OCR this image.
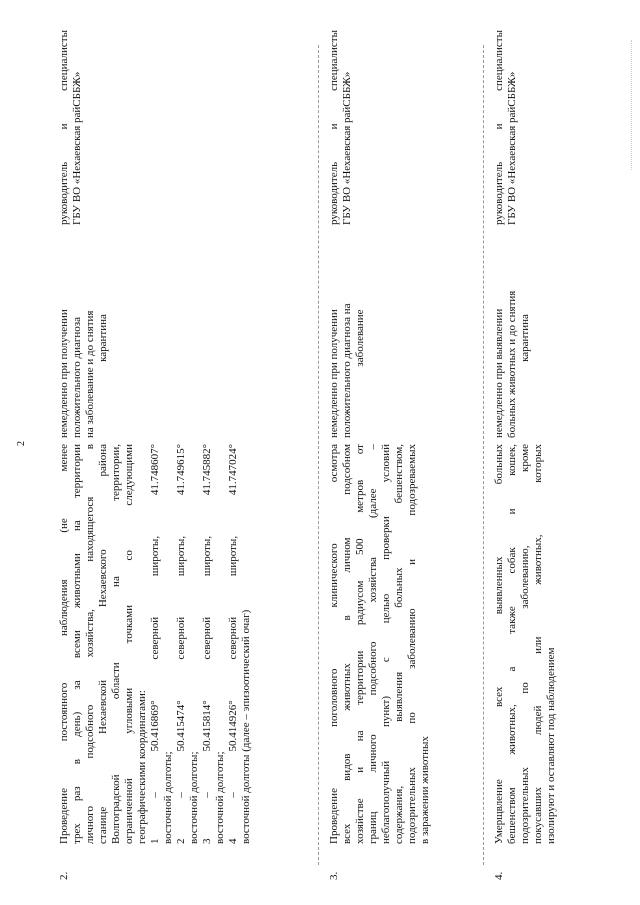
2
2.
Проведение постоянного наблюдения (не менее трех раз в день) за всеми животными на территории личного подсобного хозяйства, находящегося в станице Нехаевской Нехаевского района Волгоградской области на территории, ограниченной угловыми точками со следующими географическими координатами: 1 – 50.416869° северной широты, 41.748607° восточной долготы; 2 – 50.415474° северной широты, 41.749615° восточной долготы; 3 – 50.415814° северной широты, 41.745882° восточной долготы; 4 – 50.414926° северной широты, 41.747024° восточной долготы (далее – эпизоотический очаг)
немедленно при получении положительного диагноза на заболевание и до снятия карантина
руководитель и специалисты ГБУ ВО «Нехаевская райСББЖ»
3.
Проведение поголовного клинического осмотра всех видов животных в личном подсобном хозяйстве и на территории радиусом 500 метров от границ личного подсобного хозяйства (далее – неблагополучный пункт) с целью проверки условий содержания, выявления больных бешенством, подозрительных по заболеванию и подозреваемых в заражении животных
немедленно при получении положительного диагноза на заболевание
руководитель и специалисты ГБУ ВО «Нехаевская райСББЖ»
4.
Умерщвление всех выявленных больных бешенством животных, а также собак и кошек, подозрительных по заболеванию, кроме покусавших людей или животных, которых изолируют и оставляют под наблюдением
немедленно при выявлении больных животных и до снятия карантина
руководитель и специалисты ГБУ ВО «Нехаевская райСББЖ»
